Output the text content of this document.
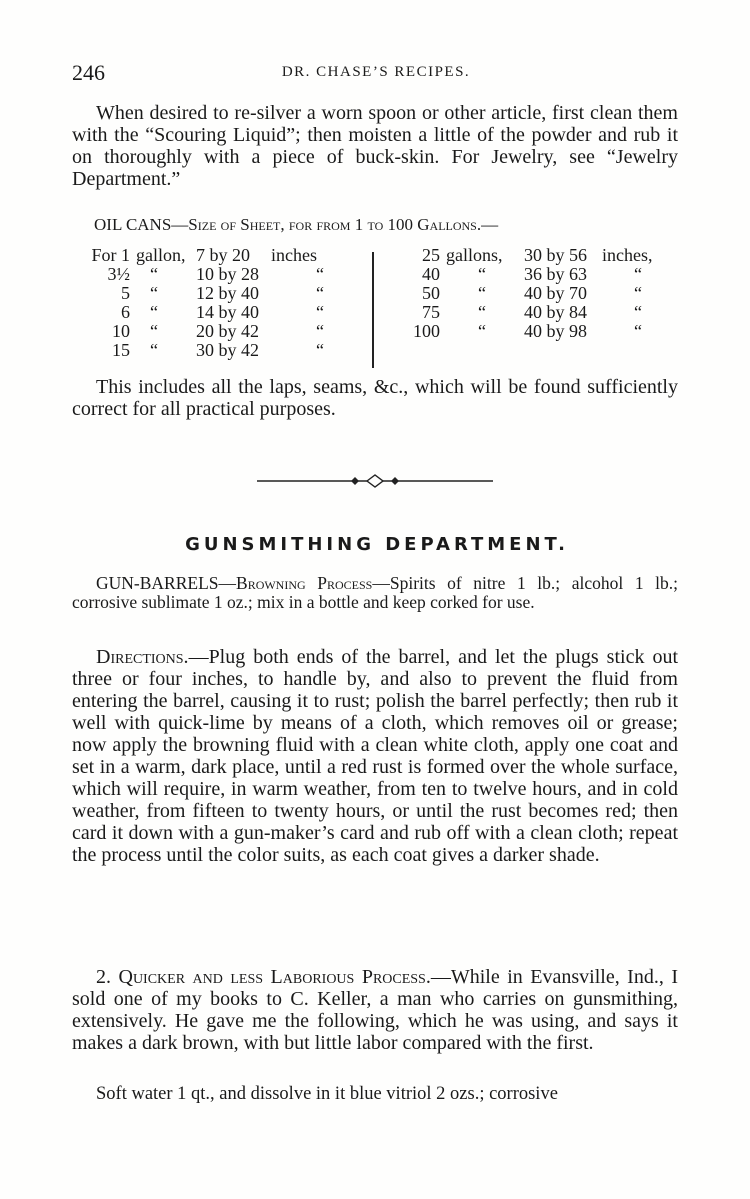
246	DR. CHASE’S RECIPES.

When desired to re-silver a worn spoon or other article, first clean them with the “Scouring Liquid”; then moisten a little of the powder and rub it on thoroughly with a piece of buck-skin. For Jewelry, see “Jewelry Department.”

OIL CANS—Size of Sheet, for from 1 to 100 Gallons.—
For 1 gallon, 7 by 20 inches
3½ “ 10 by 28	“
5 “ 12 by 40	“
6 “ 14 by 40	“
10 “ 20 by 42	“
15 “ 30 by 42	“
25 gallons, 30 by 56 inches,
40 “ 36 by 63	“
50 “ 40 by 70	“
75 “ 40 by 84	“
100 “ 40 by 98	“

This includes all the laps, seams, &c., which will be found sufficiently correct for all practical purposes.

GUNSMITHING DEPARTMENT.

GUN-BARRELS—Browning Process—Spirits of nitre 1 lb.; alcohol 1 lb.; corrosive sublimate 1 oz.; mix in a bottle and keep corked for use.

Directions.—Plug both ends of the barrel, and let the plugs stick out three or four inches, to handle by, and also to prevent the fluid from entering the barrel, causing it to rust; polish the barrel perfectly; then rub it well with quick-lime by means of a cloth, which removes oil or grease; now apply the browning fluid with a clean white cloth, apply one coat and set in a warm, dark place, until a red rust is formed over the whole surface, which will require, in warm weather, from ten to twelve hours, and in cold weather, from fifteen to twenty hours, or until the rust becomes red; then card it down with a gun-maker’s card and rub off with a clean cloth; repeat the process until the color suits, as each coat gives a darker shade.

2. Quicker and less Laborious Process.—While in Evansville, Ind., I sold one of my books to C. Keller, a man who carries on gunsmithing, extensively. He gave me the following, which he was using, and says it makes a dark brown, with but little labor compared with the first.

Soft water 1 qt., and dissolve in it blue vitriol 2 ozs.; corrosive
